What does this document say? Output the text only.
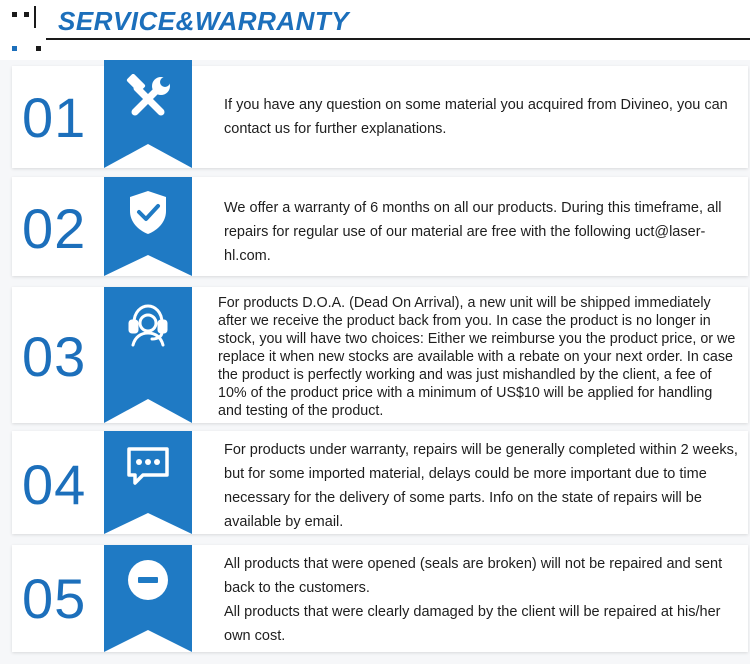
SERVICE&WARRANTY
01	If you have any question on some material you acquired from Divineo, you can contact us for further explanations.

02	We offer a warranty of 6 months on all our products. During this timeframe, all repairs for regular use of our material are free with the following uct@laser-hl.com.

03

For products D.O.A. (Dead On Arrival), a new unit will be shipped immediately after we receive the product back from you. In case the product is no longer in stock, you will have two choices: Either we reimburse you the product price, or we replace it when new stocks are available with a rebate on your next order. In case the product is perfectly working and was just mishandled by the client, a fee of 10% of the product price with a minimum of US$10 will be applied for handling and testing of the product.

04

For products under warranty, repairs will be generally completed within 2 weeks, but for some imported material, delays could be more important due to time necessary for the delivery of some parts. Info on the state of repairs will be available by email.

05

All products that were opened (seals are broken) will not be repaired and sent back to the customers.

All products that were clearly damaged by the client will be repaired at his/her own cost.
